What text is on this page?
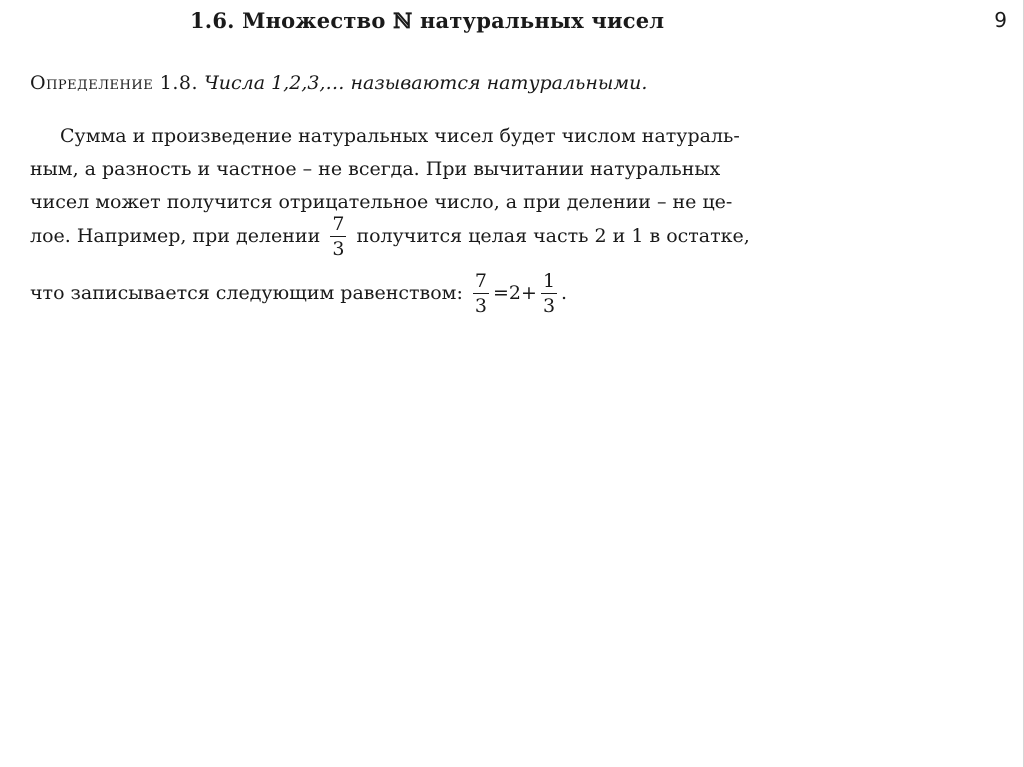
1.6. Множество ℕ натуральных чисел	9
Определение 1.8. Числа 1,2,3,… называются натуральными.
Сумма и произведение натуральных чисел будет числом натураль-
ным, а разность и частное – не всегда. При вычитании натуральных
чисел может получится отрицательное число, а при делении – не це-
лое. Например, при делении $\frac{7}{3}$ получится целая часть 2 и 1 в остатке,
что записывается следующим равенством: $\frac{7}{3} =2+ \frac{1}{3}$ .
